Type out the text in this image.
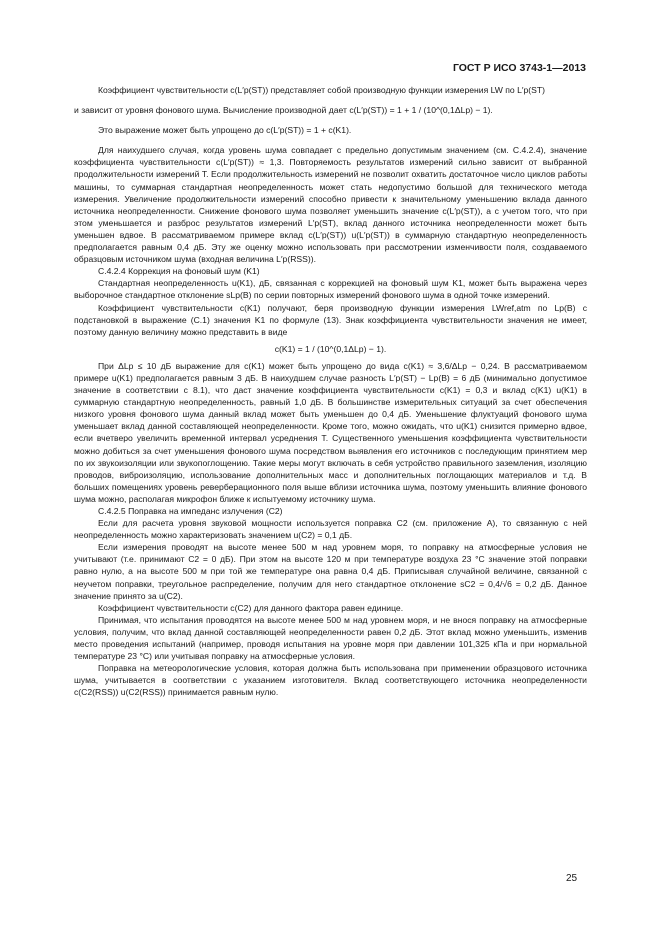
ГОСТ Р ИСО 3743-1—2013

Коэффициент чувствительности c(L′p(ST)) представляет собой производную функции измерения LW по L′p(ST)

и зависит от уровня фонового шума. Вычисление производной дает c(L′p(ST)) = 1 + 1 / (10^(0,1ΔLp) − 1).

Это выражение может быть упрощено до c(L′p(ST)) = 1 + c(K1).

Для наихудшего случая, когда уровень шума совпадает с предельно допустимым значением (см. С.4.2.4), значение коэффициента чувствительности c(L′p(ST)) ≈ 1,3. Повторяемость результатов измерений сильно зависит от выбранной продолжительности измерений T. Если продолжительность измерений не позволит охватить достаточное число циклов работы машины, то суммарная стандартная неопределенность может стать недопустимо большой для технического метода измерения. Увеличение продолжительности измерений способно привести к значительному уменьшению вклада данного источника неопределенности. Снижение фонового шума позволяет уменьшить значение c(L′p(ST)), а с учетом того, что при этом уменьшается и разброс результатов измерений L′p(ST), вклад данного источника неопределенности может быть уменьшен вдвое. В рассматриваемом примере вклад c(L′p(ST)) u(L′p(ST)) в суммарную стандартную неопределенность предполагается равным 0,4 дБ. Эту же оценку можно использовать при рассмотрении изменчивости поля, создаваемого образцовым источником шума (входная величина L′p(RSS)).

С.4.2.4 Коррекция на фоновый шум (K1)

Стандартная неопределенность u(K1), дБ, связанная с коррекцией на фоновый шум K1, может быть выражена через выборочное стандартное отклонение sLp(B) по серии повторных измерений фонового шума в одной точке измерений.

Коэффициент чувствительности c(K1) получают, беря производную функции измерения LWref,atm по Lp(B) с подстановкой в выражение (С.1) значения K1 по формуле (13). Знак коэффициента чувствительности значения не имеет, поэтому данную величину можно представить в виде

c(K1) = 1 / (10^(0,1ΔLp) − 1).

При ΔLp ≤ 10 дБ выражение для c(K1) может быть упрощено до вида c(K1) ≈ 3,6/ΔLp − 0,24. В рассматриваемом примере u(K1) предполагается равным 3 дБ. В наихудшем случае разность L′p(ST) − Lp(B) = 6 дБ (минимально допустимое значение в соответствии с 8.1), что даст значение коэффициента чувствительности c(K1) = 0,3 и вклад c(K1) u(K1) в суммарную стандартную неопределенность, равный 1,0 дБ. В большинстве измерительных ситуаций за счет обеспечения низкого уровня фонового шума данный вклад может быть уменьшен до 0,4 дБ. Уменьшение флуктуаций фонового шума уменьшает вклад данной составляющей неопределенности. Кроме того, можно ожидать, что u(K1) снизится примерно вдвое, если вчетверо увеличить временной интервал усреднения T. Существенного уменьшения коэффициента чувствительности можно добиться за счет уменьшения фонового шума посредством выявления его источников с последующим принятием мер по их звукоизоляции или звукопоглощению. Такие меры могут включать в себя устройство правильного заземления, изоляцию проводов, виброизоляцию, использование дополнительных масс и дополнительных поглощающих материалов и т.д. В больших помещениях уровень реверберационного поля выше вблизи источника шума, поэтому уменьшить влияние фонового шума можно, располагая микрофон ближе к испытуемому источнику шума.

С.4.2.5 Поправка на импеданс излучения (C2)

Если для расчета уровня звуковой мощности используется поправка C2 (см. приложение А), то связанную с ней неопределенность можно характеризовать значением u(C2) = 0,1 дБ.

Если измерения проводят на высоте менее 500 м над уровнем моря, то поправку на атмосферные условия не учитывают (т.е. принимают C2 = 0 дБ). При этом на высоте 120 м при температуре воздуха 23 °С значение этой поправки равно нулю, а на высоте 500 м при той же температуре она равна 0,4 дБ. Приписывая случайной величине, связанной с неучетом поправки, треугольное распределение, получим для него стандартное отклонение sC2 = 0,4/√6 = 0,2 дБ. Данное значение принято за u(C2).

Коэффициент чувствительности c(C2) для данного фактора равен единице.

Принимая, что испытания проводятся на высоте менее 500 м над уровнем моря, и не внося поправку на атмосферные условия, получим, что вклад данной составляющей неопределенности равен 0,2 дБ. Этот вклад можно уменьшить, изменив место проведения испытаний (например, проводя испытания на уровне моря при давлении 101,325 кПа и при нормальной температуре 23 °С) или учитывая поправку на атмосферные условия.

Поправка на метеорологические условия, которая должна быть использована при применении образцового источника шума, учитывается в соответствии с указанием изготовителя. Вклад соответствующего источника неопределенности c(C2(RSS)) u(C2(RSS)) принимается равным нулю.

25
